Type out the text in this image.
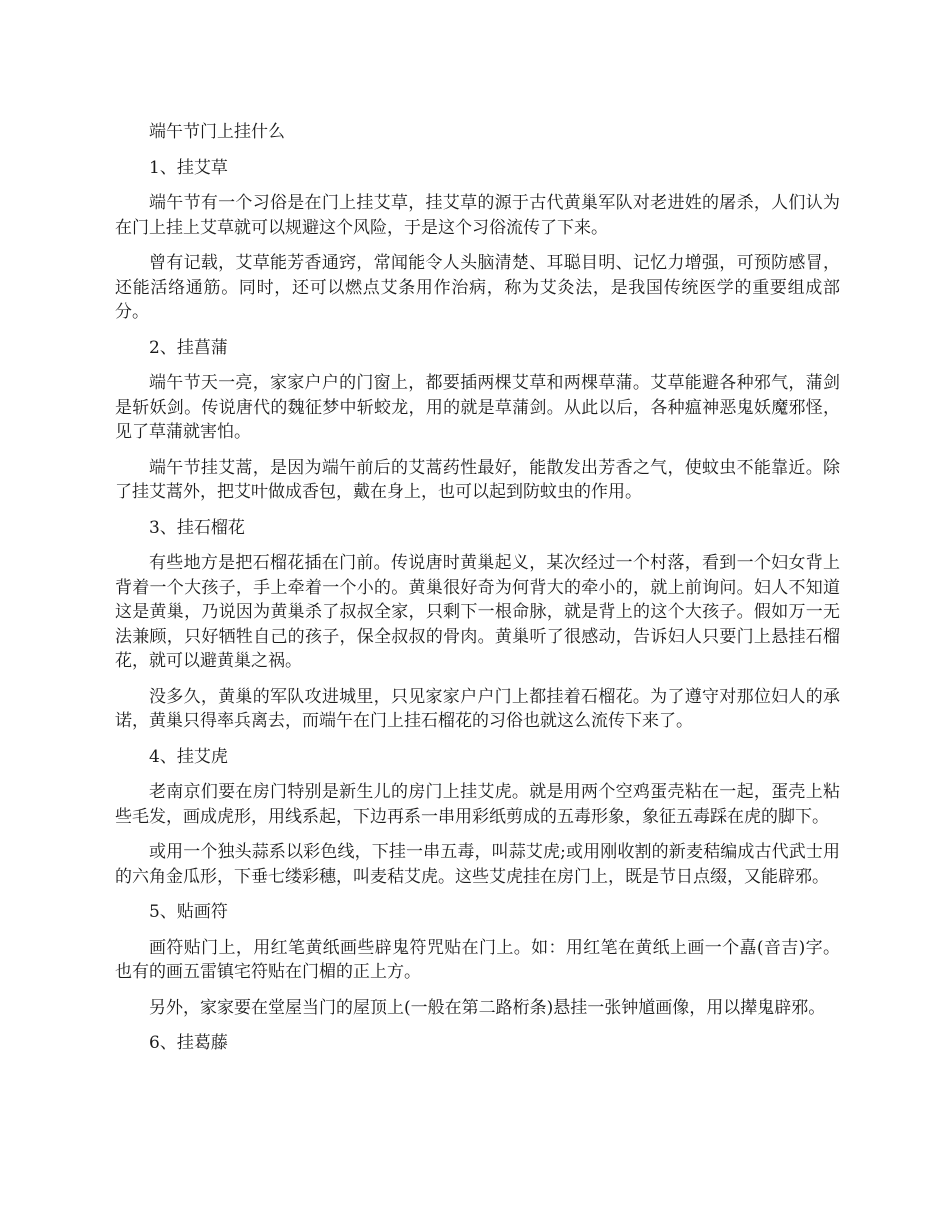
端午节门上挂什么

1、挂艾草

端午节有一个习俗是在门上挂艾草，挂艾草的源于古代黄巢军队对老进姓的屠杀，人们认为在门上挂上艾草就可以规避这个风险，于是这个习俗流传了下来。

曾有记载，艾草能芳香通窍，常闻能令人头脑清楚、耳聪目明、记忆力增强，可预防感冒，还能活络通筋。同时，还可以燃点艾条用作治病，称为艾灸法，是我国传统医学的重要组成部分。

2、挂菖蒲

端午节天一亮，家家户户的门窗上，都要插两棵艾草和两棵草蒲。艾草能避各种邪气，蒲剑是斩妖剑。传说唐代的魏征梦中斩蛟龙，用的就是草蒲剑。从此以后，各种瘟神恶鬼妖魔邪怪，见了草蒲就害怕。

端午节挂艾蒿，是因为端午前后的艾蒿药性最好，能散发出芳香之气，使蚊虫不能靠近。除了挂艾蒿外，把艾叶做成香包，戴在身上，也可以起到防蚊虫的作用。

3、挂石榴花

有些地方是把石榴花插在门前。传说唐时黄巢起义，某次经过一个村落，看到一个妇女背上背着一个大孩子，手上牵着一个小的。黄巢很好奇为何背大的牵小的，就上前询问。妇人不知道这是黄巢，乃说因为黄巢杀了叔叔全家，只剩下一根命脉，就是背上的这个大孩子。假如万一无法兼顾，只好牺牲自己的孩子，保全叔叔的骨肉。黄巢听了很感动，告诉妇人只要门上悬挂石榴花，就可以避黄巢之祸。

没多久，黄巢的军队攻进城里，只见家家户户门上都挂着石榴花。为了遵守对那位妇人的承诺，黄巢只得率兵离去，而端午在门上挂石榴花的习俗也就这么流传下来了。

4、挂艾虎

老南京们要在房门特别是新生儿的房门上挂艾虎。就是用两个空鸡蛋壳粘在一起，蛋壳上粘些毛发，画成虎形，用线系起，下边再系一串用彩纸剪成的五毒形象，象征五毒踩在虎的脚下。

或用一个独头蒜系以彩色线，下挂一串五毒，叫蒜艾虎;或用刚收割的新麦秸编成古代武士用的六角金瓜形，下垂七缕彩穗，叫麦秸艾虎。这些艾虎挂在房门上，既是节日点缀，又能辟邪。

5、贴画符

画符贴门上，用红笔黄纸画些辟鬼符咒贴在门上。如：用红笔在黄纸上画一个嚞(音吉)字。也有的画五雷镇宅符贴在门楣的正上方。

另外，家家要在堂屋当门的屋顶上(一般在第二路桁条)悬挂一张钟馗画像，用以撵鬼辟邪。

6、挂葛藤
